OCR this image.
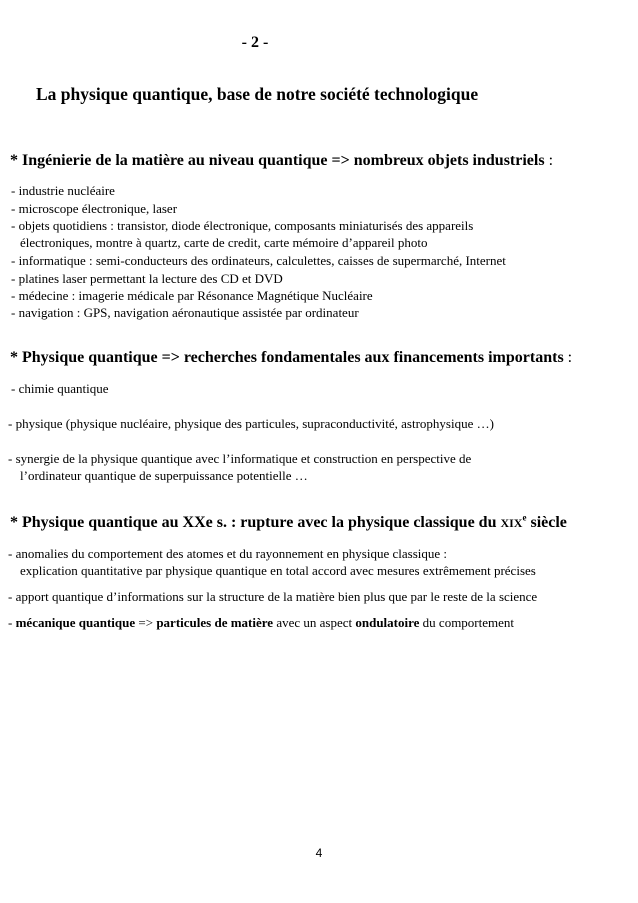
- 2 -
La physique quantique, base de notre société technologique
* Ingénierie de la matière au niveau quantique => nombreux objets industriels :
- industrie nucléaire
- microscope électronique, laser
- objets quotidiens : transistor, diode électronique, composants miniaturisés des appareils
électroniques, montre à quartz, carte de credit, carte mémoire d’appareil photo
- informatique : semi-conducteurs des ordinateurs, calculettes, caisses de supermarché, Internet
- platines laser permettant la lecture des CD et DVD
- médecine : imagerie médicale par Résonance Magnétique Nucléaire
- navigation : GPS, navigation aéronautique assistée par ordinateur
* Physique quantique => recherches fondamentales aux financements importants :
- chimie quantique
- physique (physique nucléaire, physique des particules, supraconductivité, astrophysique …)
- synergie de la physique quantique avec l’informatique et construction en perspective de
l’ordinateur quantique de superpuissance potentielle …
* Physique quantique au XXe s. : rupture avec la physique classique du XIXe siècle
- anomalies du comportement des atomes et du rayonnement en physique classique :
explication quantitative par physique quantique en total accord avec mesures extrêmement précises
- apport quantique d’informations sur la structure de la matière bien plus que par le reste de la science
- mécanique quantique => particules de matière avec un aspect ondulatoire du comportement
4
